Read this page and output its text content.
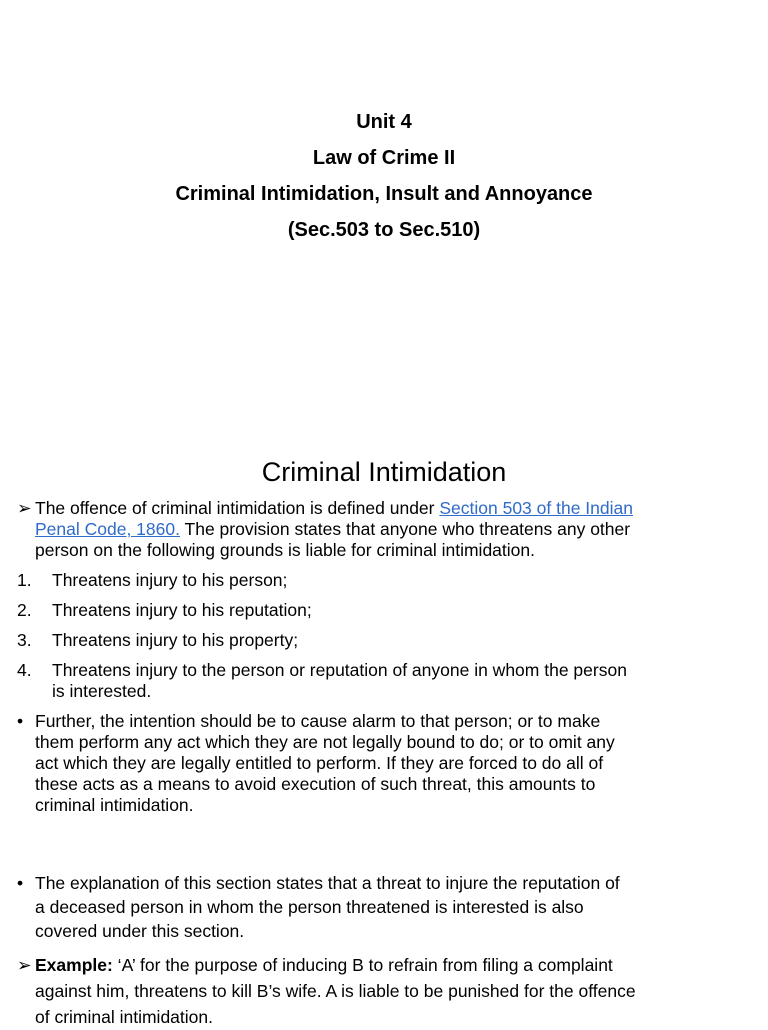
Unit 4
Law of Crime II
Criminal Intimidation, Insult and Annoyance
(Sec.503 to Sec.510)
Criminal Intimidation
➢ The offence of criminal intimidation is defined under Section 503 of the Indian
Penal Code, 1860. The provision states that anyone who threatens any other
person on the following grounds is liable for criminal intimidation.
1. Threatens injury to his person;
2. Threatens injury to his reputation;
3. Threatens injury to his property;
4. Threatens injury to the person or reputation of anyone in whom the person
is interested.
• Further, the intention should be to cause alarm to that person; or to make
them perform any act which they are not legally bound to do; or to omit any
act which they are legally entitled to perform. If they are forced to do all of
these acts as a means to avoid execution of such threat, this amounts to
criminal intimidation.
• The explanation of this section states that a threat to injure the reputation of
a deceased person in whom the person threatened is interested is also
covered under this section.
➢ Example: ‘A’ for the purpose of inducing B to refrain from filing a complaint
against him, threatens to kill B’s wife. A is liable to be punished for the offence
of criminal intimidation.
